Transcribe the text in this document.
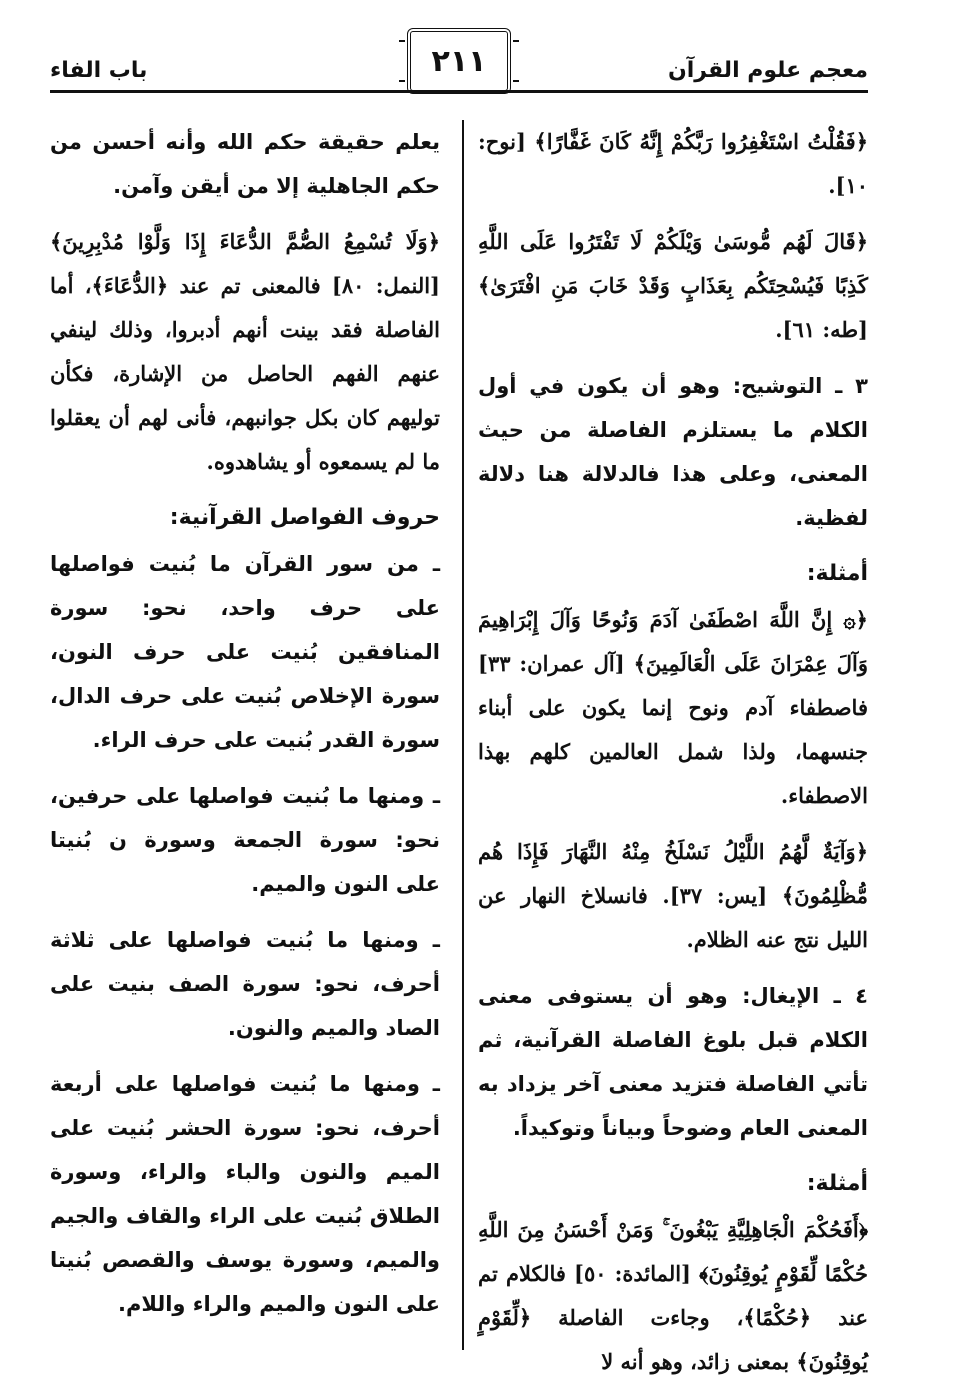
معجم علوم القرآن
٢١١
باب الفاء

﴿فَقُلْتُ اسْتَغْفِرُوا رَبَّكُمْ إِنَّهُ كَانَ غَفَّارًا﴾ [نوح: ١٠].

﴿قَالَ لَهُم مُّوسَىٰ وَيْلَكُمْ لَا تَفْتَرُوا عَلَى اللَّهِ كَذِبًا فَيُسْحِتَكُم بِعَذَابٍ وَقَدْ خَابَ مَنِ افْتَرَىٰ﴾ [طه: ٦١].

٣ ـ التوشيح: وهو أن يكون في أول الكلام ما يستلزم الفاصلة من حيث المعنى، وعلى هذا فالدلالة هنا دلالة لفظية.

أمثلة:

﴿۞ إِنَّ اللَّهَ اصْطَفَىٰ آدَمَ وَنُوحًا وَآلَ إِبْرَاهِيمَ وَآلَ عِمْرَانَ عَلَى الْعَالَمِينَ﴾ [آل عمران: ٣٣] فاصطفاء آدم ونوح إنما يكون على أبناء جنسهما، ولذا شمل العالمين كلهم بهذا الاصطفاء.

﴿وَآيَةٌ لَّهُمُ اللَّيْلُ نَسْلَخُ مِنْهُ النَّهَارَ فَإِذَا هُم مُّظْلِمُونَ﴾ [يس: ٣٧]. فانسلاخ النهار عن الليل نتج عنه الظلام.

٤ ـ الإيغال: وهو أن يستوفى معنى الكلام قبل بلوغ الفاصلة القرآنية، ثم تأتي الفاصلة فتزيد معنى آخر يزداد به المعنى العام وضوحاً وبياناً وتوكيداً.

أمثلة:

﴿أَفَحُكْمَ الْجَاهِلِيَّةِ يَبْغُونَ ۚ وَمَنْ أَحْسَنُ مِنَ اللَّهِ حُكْمًا لِّقَوْمٍ يُوقِنُونَ﴾ [المائدة: ٥٠] فالكلام تم عند ﴿حُكْمًا﴾، وجاءت الفاصلة ﴿لِّقَوْمٍ يُوقِنُونَ﴾ بمعنى زائد، وهو أنه لا

يعلم حقيقة حكم الله وأنه أحسن من حكم الجاهلية إلا من أيقن وآمن.

﴿وَلَا تُسْمِعُ الصُّمَّ الدُّعَاءَ إِذَا وَلَّوْا مُدْبِرِينَ﴾ [النمل: ٨٠] فالمعنى تم عند ﴿الدُّعَاءَ﴾، أما الفاصلة فقد بينت أنهم أدبروا، وذلك لينفي عنهم الفهم الحاصل من الإشارة، فكأن توليهم كان بكل جوانبهم، فأنى لهم أن يعقلوا ما لم يسمعوه أو يشاهدوه.

حروف الفواصل القرآنية:

ـ من سور القرآن ما بُنيت فواصلها على حرف واحد، نحو: سورة المنافقين بُنيت على حرف النون، سورة الإخلاص بُنيت على حرف الدال، سورة القدر بُنيت على حرف الراء.

ـ ومنها ما بُنيت فواصلها على حرفين، نحو: سورة الجمعة وسورة ن بُنيتا على النون والميم.

ـ ومنها ما بُنيت فواصلها على ثلاثة أحرف، نحو: سورة الصف بنيت على الصاد والميم والنون.

ـ ومنها ما بُنيت فواصلها على أربعة أحرف، نحو: سورة الحشر بُنيت على الميم والنون والباء والراء، وسورة الطلاق بُنيت على الراء والقاف والجيم والميم، وسورة يوسف والقصص بُنيتا على النون والميم والراء واللام.
